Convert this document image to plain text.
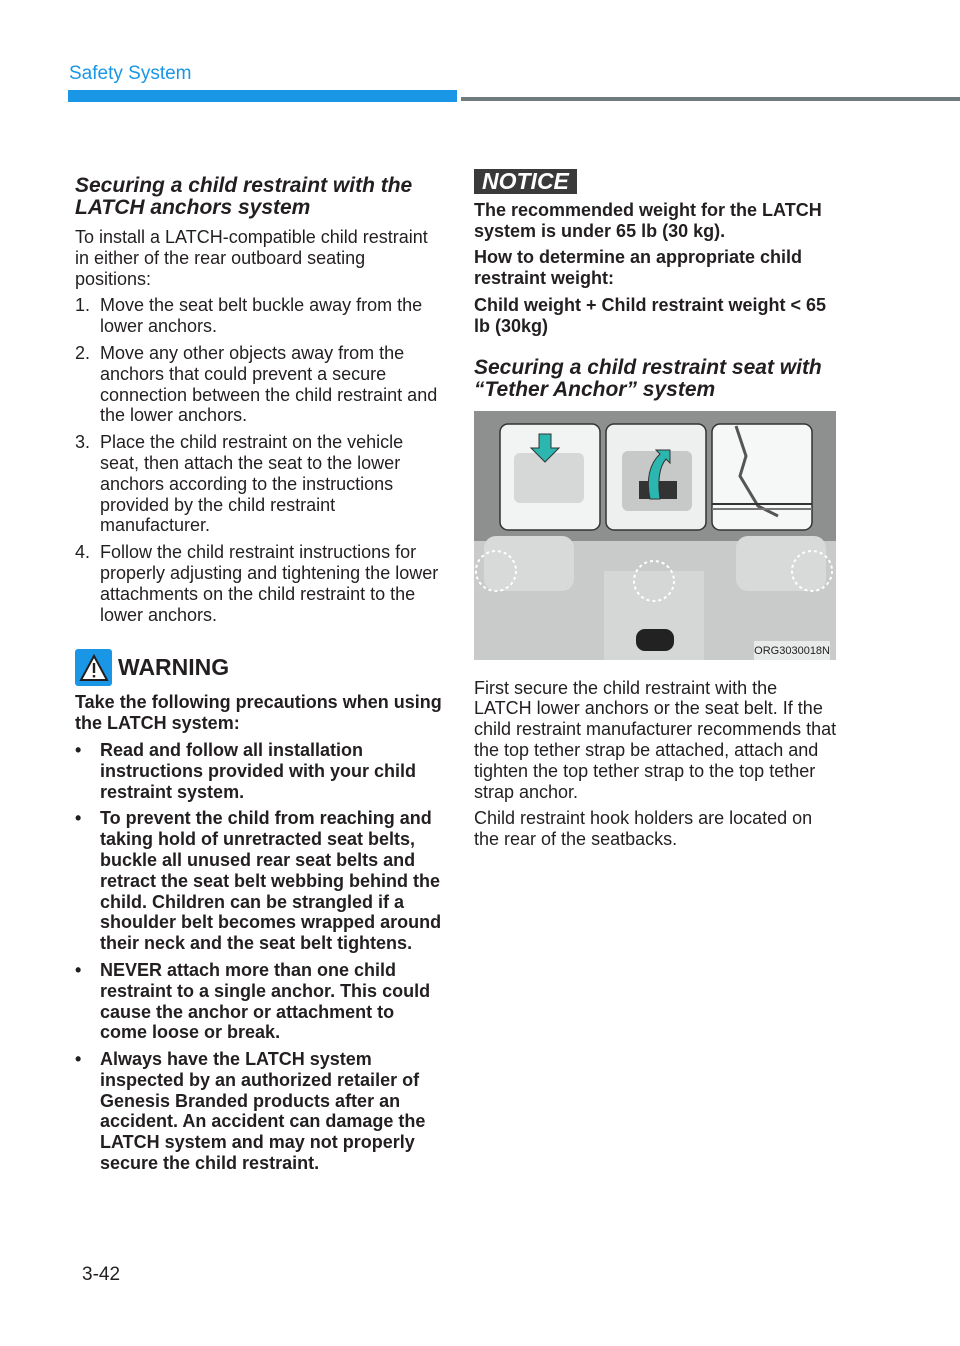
Safety System
Securing a child restraint with the LATCH anchors system

To install a LATCH-compatible child restraint in either of the rear outboard seating positions:

1. Move the seat belt buckle away from the lower anchors.
2. Move any other objects away from the anchors that could prevent a secure connection between the child restraint and the lower anchors.
3. Place the child restraint on the vehicle seat, then attach the seat to the lower anchors according to the instructions provided by the child restraint manufacturer.
4. Follow the child restraint instructions for properly adjusting and tightening the lower attachments on the child restraint to the lower anchors.
WARNING

Take the following precautions when using the LATCH system:

• Read and follow all installation instructions provided with your child restraint system.
• To prevent the child from reaching and taking hold of unretracted seat belts, buckle all unused rear seat belts and retract the seat belt webbing behind the child. Children can be strangled if a shoulder belt becomes wrapped around their neck and the seat belt tightens.
• NEVER attach more than one child restraint to a single anchor. This could cause the anchor or attachment to come loose or break.
• Always have the LATCH system inspected by an authorized retailer of Genesis Branded products after an accident. An accident can damage the LATCH system and may not properly secure the child restraint.
NOTICE

The recommended weight for the LATCH system is under 65 lb (30 kg).

How to determine an appropriate child restraint weight:

Child weight + Child restraint weight < 65 lb (30kg)

Securing a child restraint seat with “Tether Anchor” system
ORG3030018N

First secure the child restraint with the LATCH lower anchors or the seat belt. If the child restraint manufacturer recommends that the top tether strap be attached, attach and tighten the top tether strap to the top tether strap anchor.

Child restraint hook holders are located on the rear of the seatbacks.

3-42
